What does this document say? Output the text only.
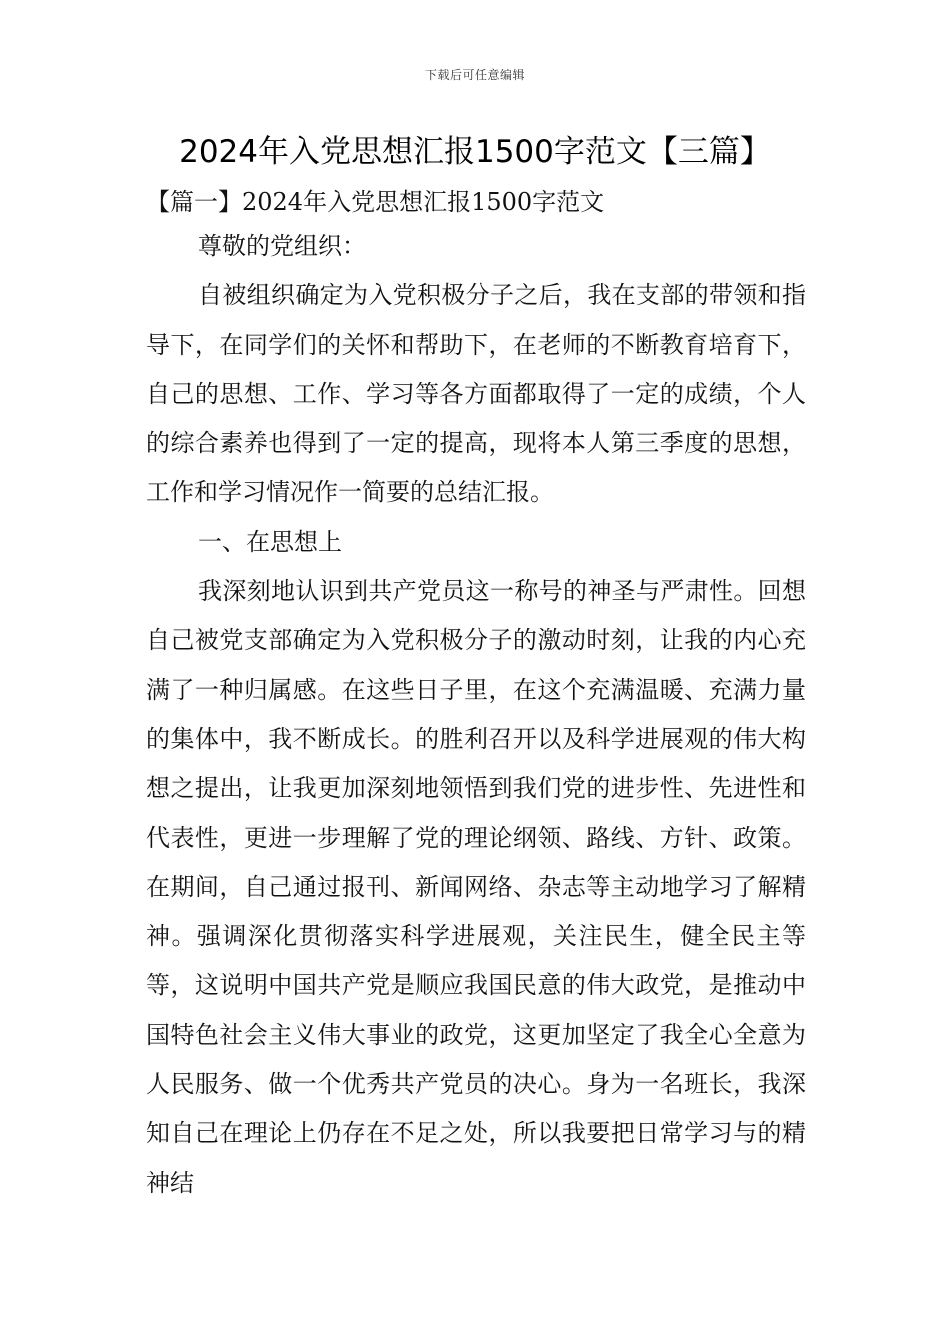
下载后可任意编辑
2024年入党思想汇报1500字范文【三篇】
【篇一】2024年入党思想汇报1500字范文

尊敬的党组织：

自被组织确定为入党积极分子之后，我在支部的带领和指导下，在同学们的关怀和帮助下，在老师的不断教育培育下，自己的思想、工作、学习等各方面都取得了一定的成绩，个人的综合素养也得到了一定的提高，现将本人第三季度的思想，工作和学习情况作一简要的总结汇报。

一、在思想上

我深刻地认识到共产党员这一称号的神圣与严肃性。回想自己被党支部确定为入党积极分子的激动时刻，让我的内心充满了一种归属感。在这些日子里，在这个充满温暖、充满力量的集体中，我不断成长。的胜利召开以及科学进展观的伟大构想之提出，让我更加深刻地领悟到我们党的进步性、先进性和代表性，更进一步理解了党的理论纲领、路线、方针、政策。在期间，自己通过报刊、新闻网络、杂志等主动地学习了解精神。强调深化贯彻落实科学进展观，关注民生，健全民主等等，这说明中国共产党是顺应我国民意的伟大政党，是推动中国特色社会主义伟大事业的政党，这更加坚定了我全心全意为人民服务、做一个优秀共产党员的决心。身为一名班长，我深知自己在理论上仍存在不足之处，所以我要把日常学习与的精神结
